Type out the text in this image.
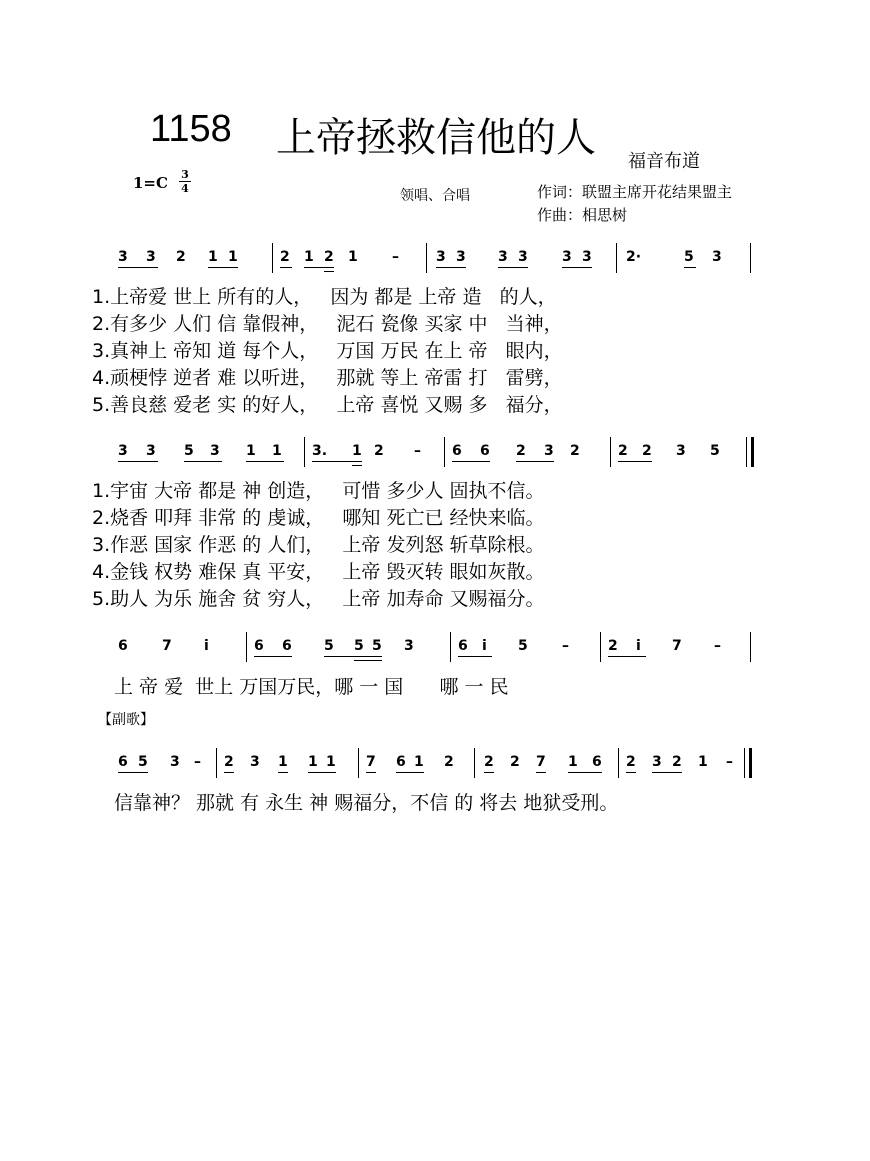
1158 上帝拯救信他的人
福音布道
1=C 3
4	领唱、合唱	作词：联盟主席开花结果盟主
作曲：相思树
3 3 2 1 1	2 1 2 1 –	3 3 3 3 3 3 2·	5 3
1.上帝爱 世上 所有的人，   因为 都是 上帝 造   的人，
2.有多少 人们 信 靠假神，   泥石 瓷像 买家 中   当神，
3.真神上 帝知 道 每个人，   万国 万民 在上 帝   眼内，
4.顽梗悖 逆者 难 以听进，   那就 等上 帝雷 打   雷劈，
5.善良慈 爱老 实 的好人，   上帝 喜悦 又赐 多   福分，
3 3 5 3 1 1 3. 1 2 – 6 6 2 3 2	2 2 3 5
1.宇宙 大帝 都是 神 创造，   可惜 多少人 固执不信。
2.烧香 叩拜 非常 的 虔诚，   哪知 死亡已 经快来临。
3.作恶 国家 作恶 的 人们，   上帝 发列怒 斩草除根。
4.金钱 权势 难保 真 平安，   上帝 毁灭转 眼如灰散。
5.助人 为乐 施舍 贫 穷人，   上帝 加寿命 又赐福分。
6 7 i	6 6 5 5 5 3	6 i 5 –	2 i 7 –
上 帝 爱  世上 万国万民，哪 一 国      哪 一 民
【副歌】
6 5 3 – 2 3 1 1 1 7 6 1 2 2 2 7 1 6 2 3 2 1 –
信靠神？ 那就 有 永生 神 赐福分，不信 的 将去 地狱受刑。
